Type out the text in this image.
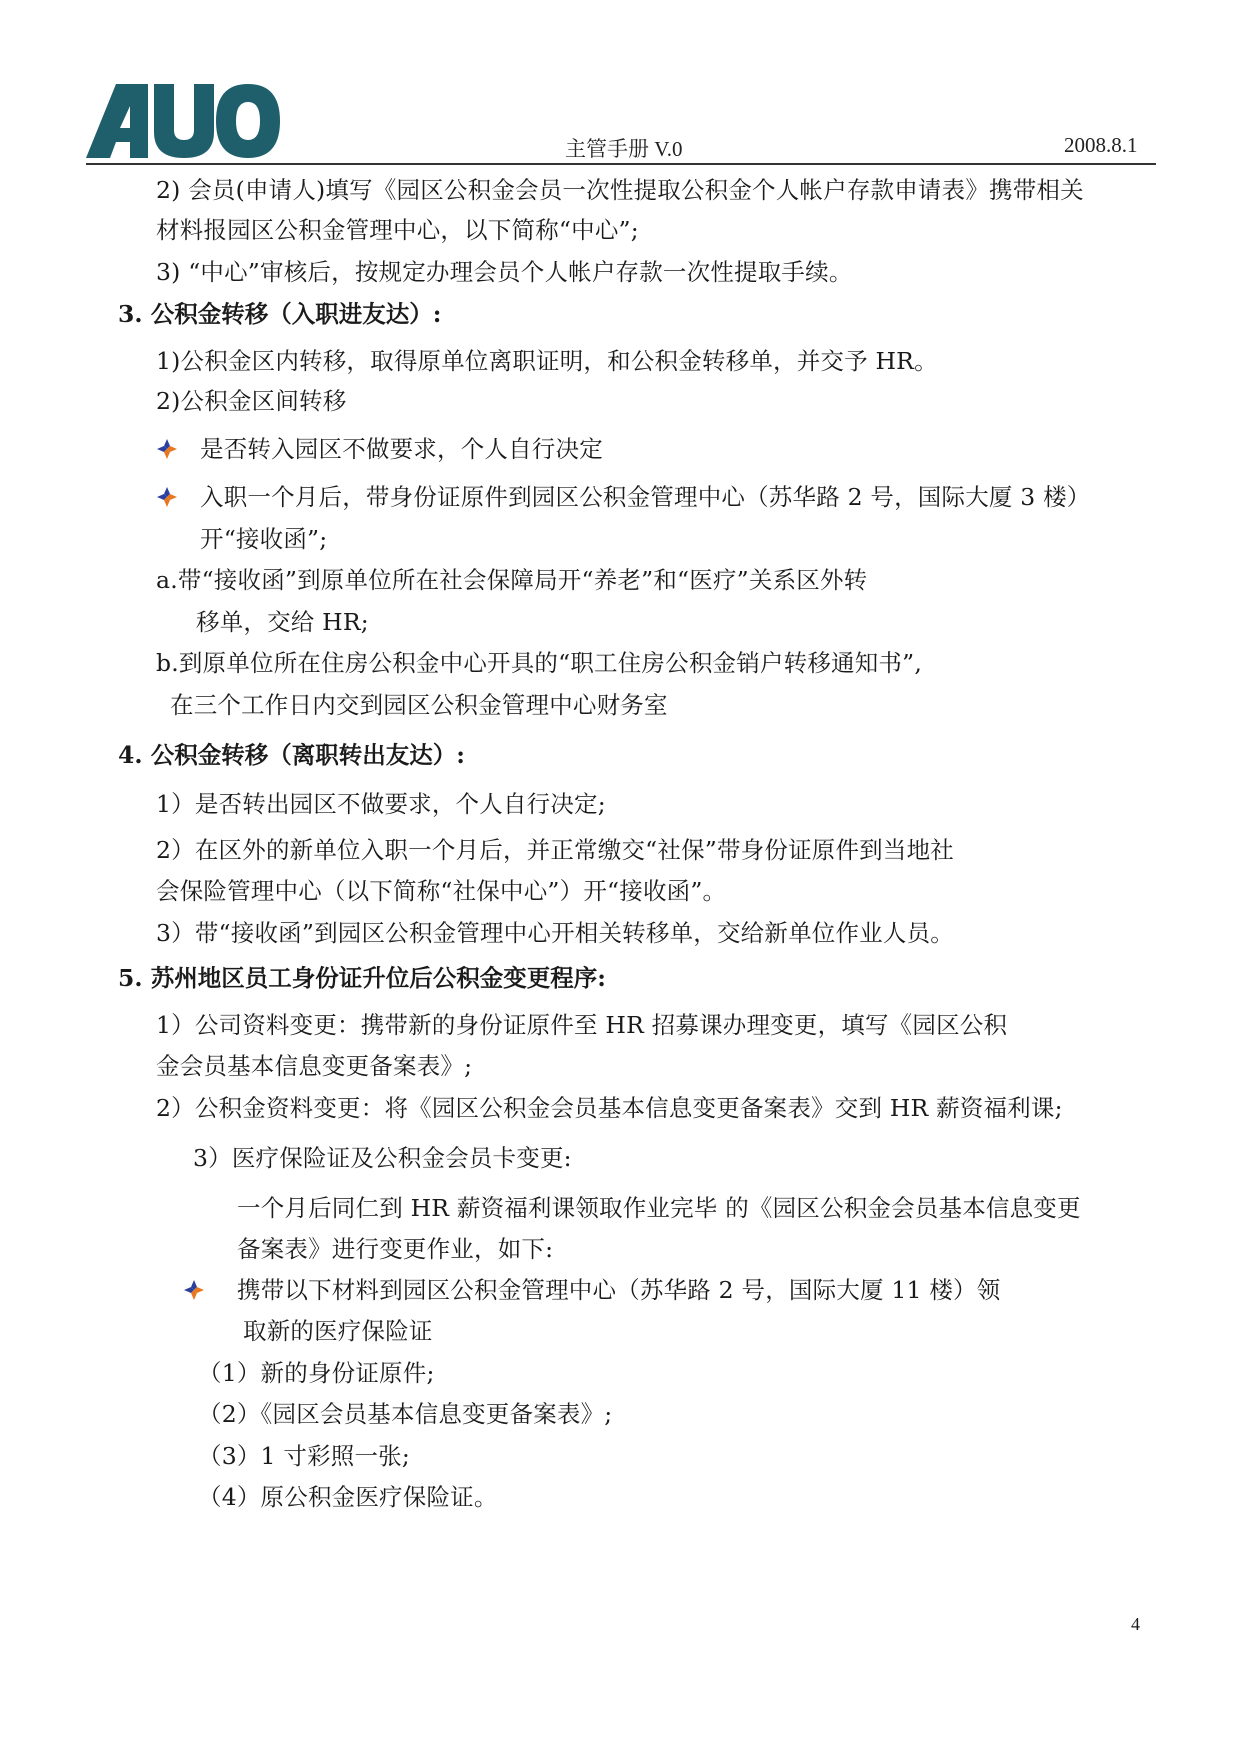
主管手册 V.0	2008.8.1
2) 会员(申请人)填写《园区公积金会员一次性提取公积金个人帐户存款申请表》携带相关
材料报园区公积金管理中心，以下简称“中心”;
3) “中心”审核后，按规定办理会员个人帐户存款一次性提取手续。
3. 公积金转移（入职进友达）:
1)公积金区内转移，取得原单位离职证明，和公积金转移单，并交予 HR。
2)公积金区间转移
是否转入园区不做要求，个人自行决定
入职一个月后，带身份证原件到园区公积金管理中心（苏华路 2 号，国际大厦 3 楼）
开“接收函”;
a.带“接收函”到原单位所在社会保障局开“养老”和“医疗”关系区外转
移单，交给 HR;
b.到原单位所在住房公积金中心开具的“职工住房公积金销户转移通知书”,
在三个工作日内交到园区公积金管理中心财务室
4. 公积金转移（离职转出友达）:
1）是否转出园区不做要求，个人自行决定;
2）在区外的新单位入职一个月后，并正常缴交“社保”带身份证原件到当地社
会保险管理中心（以下简称“社保中心”）开“接收函”。
3）带“接收函”到园区公积金管理中心开相关转移单，交给新单位作业人员。
5. 苏州地区员工身份证升位后公积金变更程序:
1）公司资料变更：携带新的身份证原件至 HR 招募课办理变更，填写《园区公积
金会员基本信息变更备案表》;
2）公积金资料变更：将《园区公积金会员基本信息变更备案表》交到 HR 薪资福利课;
3）医疗保险证及公积金会员卡变更:
一个月后同仁到 HR 薪资福利课领取作业完毕 的《园区公积金会员基本信息变更
备案表》进行变更作业，如下:
携带以下材料到园区公积金管理中心（苏华路 2 号，国际大厦 11 楼）领
取新的医疗保险证
（1）新的身份证原件;
（2）《园区会员基本信息变更备案表》;
（3）1 寸彩照一张;
（4）原公积金医疗保险证。
4
